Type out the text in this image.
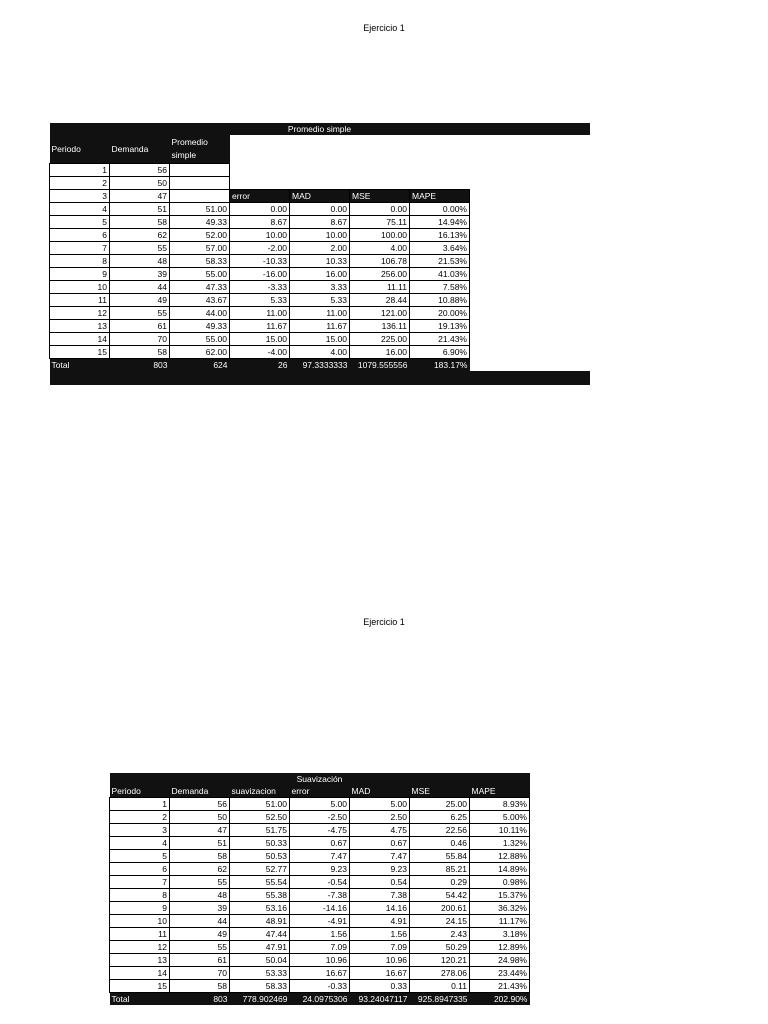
Ejercicio 1
Promedio simple							
Periodo	Demanda	Promedio
simple					
1	56						
2	50						
3	47		error	MAD	MSE	MAPE	
4	51	51.00	0.00	0.00	0.00	0.00%	
5	58	49.33	8.67	8.67	75.11	14.94%	
6	62	52.00	10.00	10.00	100.00	16.13%	
7	55	57.00	-2.00	2.00	4.00	3.64%	
8	48	58.33	-10.33	10.33	106.78	21.53%	
9	39	55.00	-16.00	16.00	256.00	41.03%	
10	44	47.33	-3.33	3.33	11.11	7.58%	
11	49	43.67	5.33	5.33	28.44	10.88%	
12	55	44.00	11.00	11.00	121.00	20.00%	
13	61	49.33	11.67	11.67	136.11	19.13%	
14	70	55.00	15.00	15.00	225.00	21.43%	
15	58	62.00	-4.00	4.00	16.00	6.90%	
Total	803	624	26	97.3333333	1079.555556	183.17%	

Ejercicio 1
Suavización						
Periodo	Demanda	suavizacion	error	MAD	MSE	MAPE
1	56	51.00	5.00	5.00	25.00	8.93%
2	50	52.50	-2.50	2.50	6.25	5.00%
3	47	51.75	-4.75	4.75	22.56	10.11%
4	51	50.33	0.67	0.67	0.46	1.32%
5	58	50.53	7.47	7.47	55.84	12.88%
6	62	52.77	9.23	9.23	85.21	14.89%
7	55	55.54	-0.54	0.54	0.29	0.98%
8	48	55.38	-7.38	7.38	54.42	15.37%
9	39	53.16	-14.16	14.16	200.61	36.32%
10	44	48.91	-4.91	4.91	24.15	11.17%
11	49	47.44	1.56	1.56	2.43	3.18%
12	55	47.91	7.09	7.09	50.29	12.89%
13	61	50.04	10.96	10.96	120.21	24.98%
14	70	53.33	16.67	16.67	278.06	23.44%
15	58	58.33	-0.33	0.33	0.11	21.43%
Total	803	778.902469	24.0975306	93.24047117	925.8947335	202.90%
